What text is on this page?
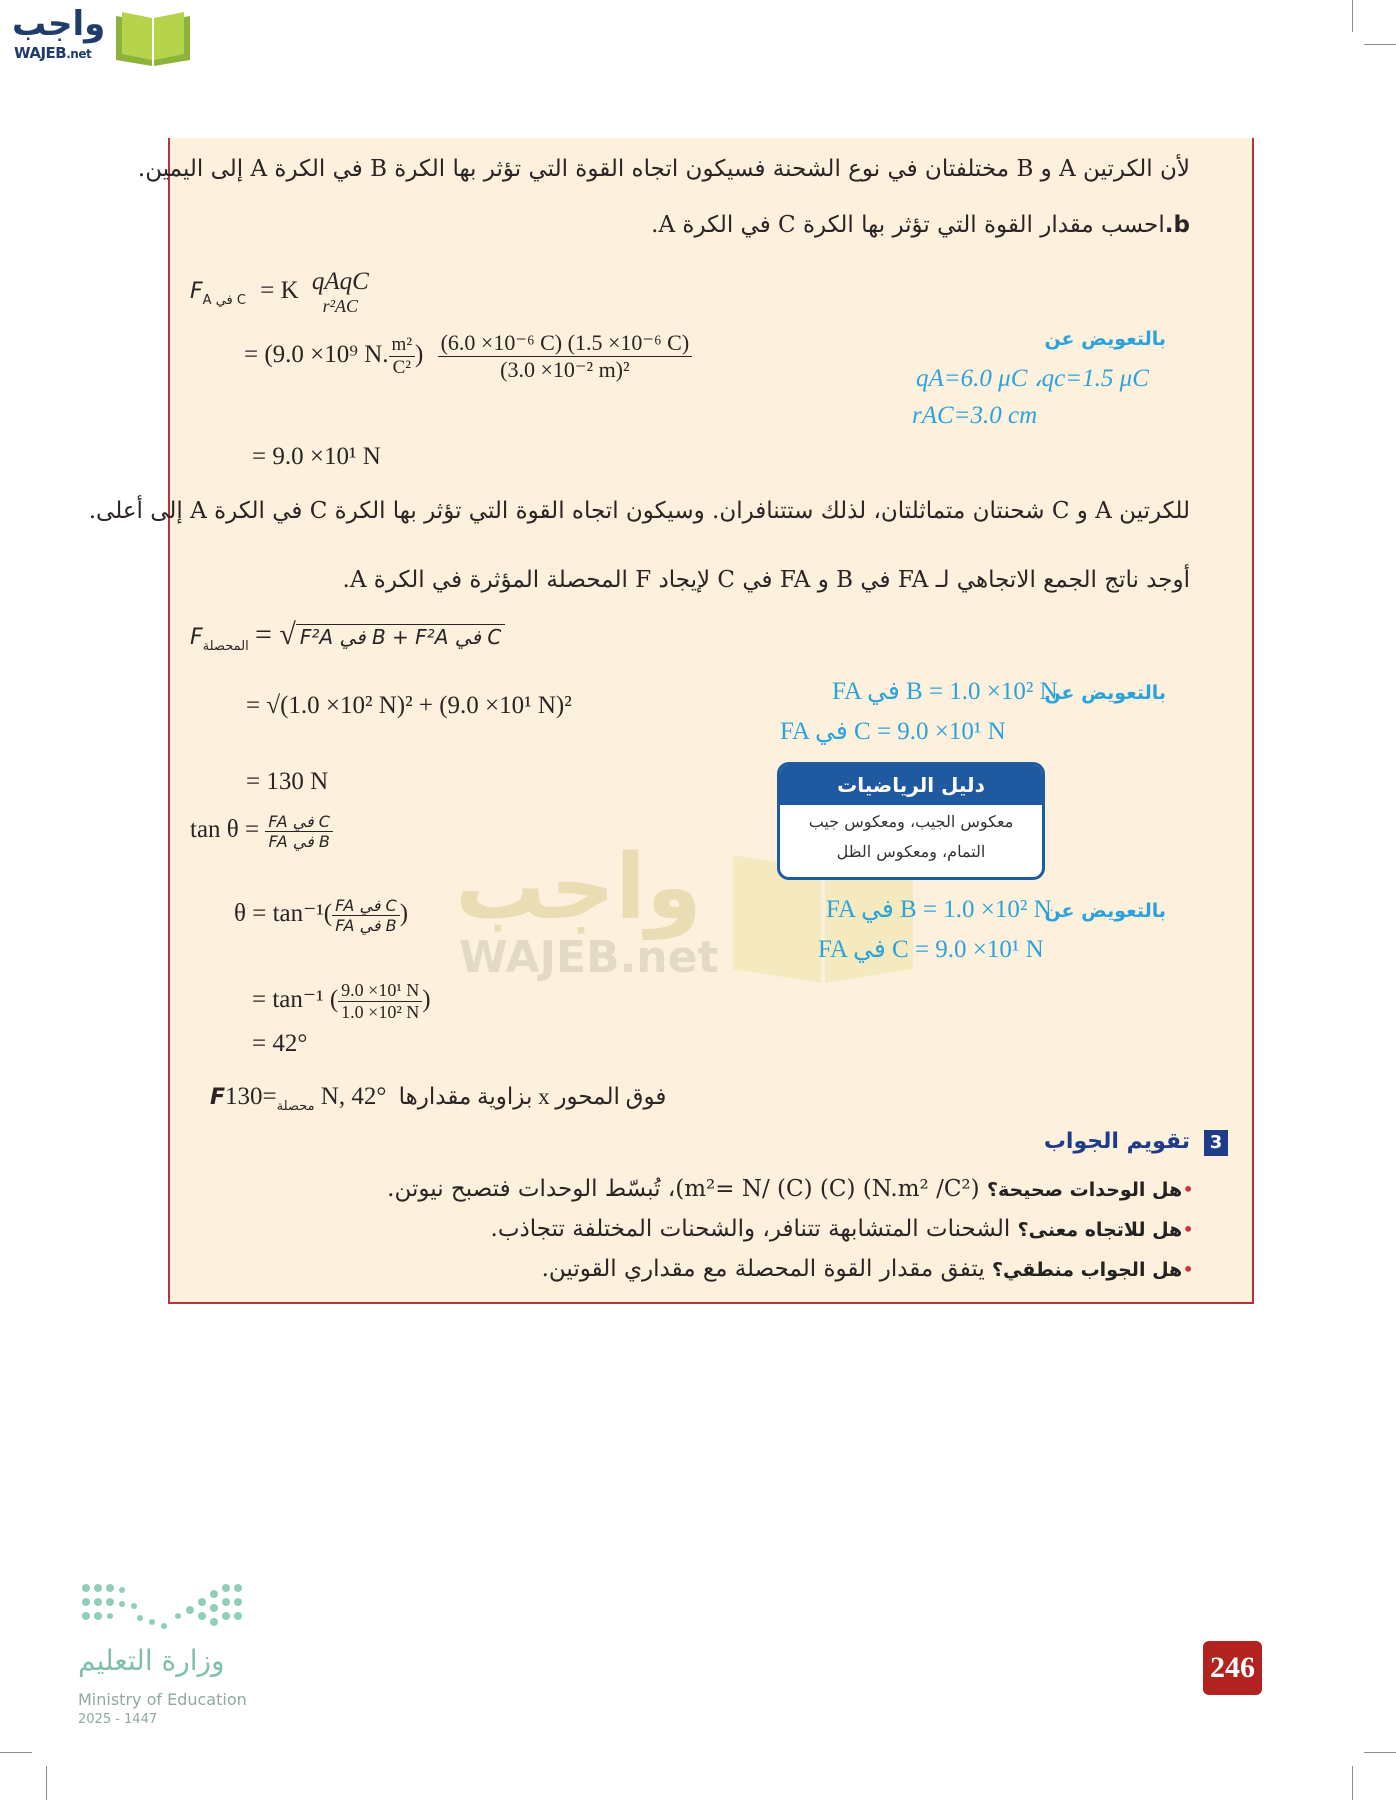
واجب
WAJEB.net
لأن الكرتين A و B مختلفتان في نوع الشحنة فسيكون اتجاه القوة التي تؤثر بها الكرة B في الكرة A إلى اليمين.
b.احسب مقدار القوة التي تؤثر بها الكرة C في الكرة A.
$F_{A في C} = K$ qAqC
r²AC
= (9.0 ×10⁹ N. $\frac{\text{m²}}{\text{C²}}$ ) $\frac{\text{(6.0 ×10⁻⁶ C) (1.5 ×10⁻⁶ C)}}{\text{(3.0 ×10⁻² m)²}}$
= 9.0 ×10¹ N
بالتعويض عن
qA=6.0 μC ،qc=1.5 μC
rAC=3.0 cm
للكرتين A و C شحنتان متماثلتان، لذلك ستتنافران. وسيكون اتجاه القوة التي تؤثر بها الكرة C في الكرة A إلى أعلى.
أوجد ناتج الجمع الاتجاهي لـ FA في B و FA في C لإيجاد F المحصلة المؤثرة في الكرة A.
$F_{المحصلة}$ = √ F²A في B + F²A في C
= √(1.0 ×10² N)² + (9.0 ×10¹ N)²
= 130 N
بالتعويض عن
FA في B = 1.0 ×10² N
FA في C = 9.0 ×10¹ N
واجب
WAJEB.net
دليل الرياضيات
معكوس الجيب، ومعكوس جيب
التمام، ومعكوس الظل
$\tan \theta = \frac{\text{FA في C}}{\text{FA في B}}$
$\theta = \tan^{-1}( \frac{\text{FA في C}}{\text{FA في B}}$ )
= tan⁻¹ ( $\frac{\text{9.0 ×10¹ N}}{\text{1.0 ×10² N}}$ )
= 42°
بالتعويض عن
FA في B = 1.0 ×10² N
FA في C = 9.0 ×10¹ N
F	$_{محصلة}$=130 N, 42° فوق المحور x بزاوية مقدارها
3
تقويم الجواب
•هل الوحدات صحيحة؟ (N.m² /C²) (C) (C) /m²= N)، تُبسّط الوحدات فتصبح نيوتن.
•هل للاتجاه معنى؟ الشحنات المتشابهة تتنافر، والشحنات المختلفة تتجاذب.
•هل الجواب منطقي؟ يتفق مقدار القوة المحصلة مع مقداري القوتين.
246
وزارة التعليم
Ministry of Education
2025 - 1447
